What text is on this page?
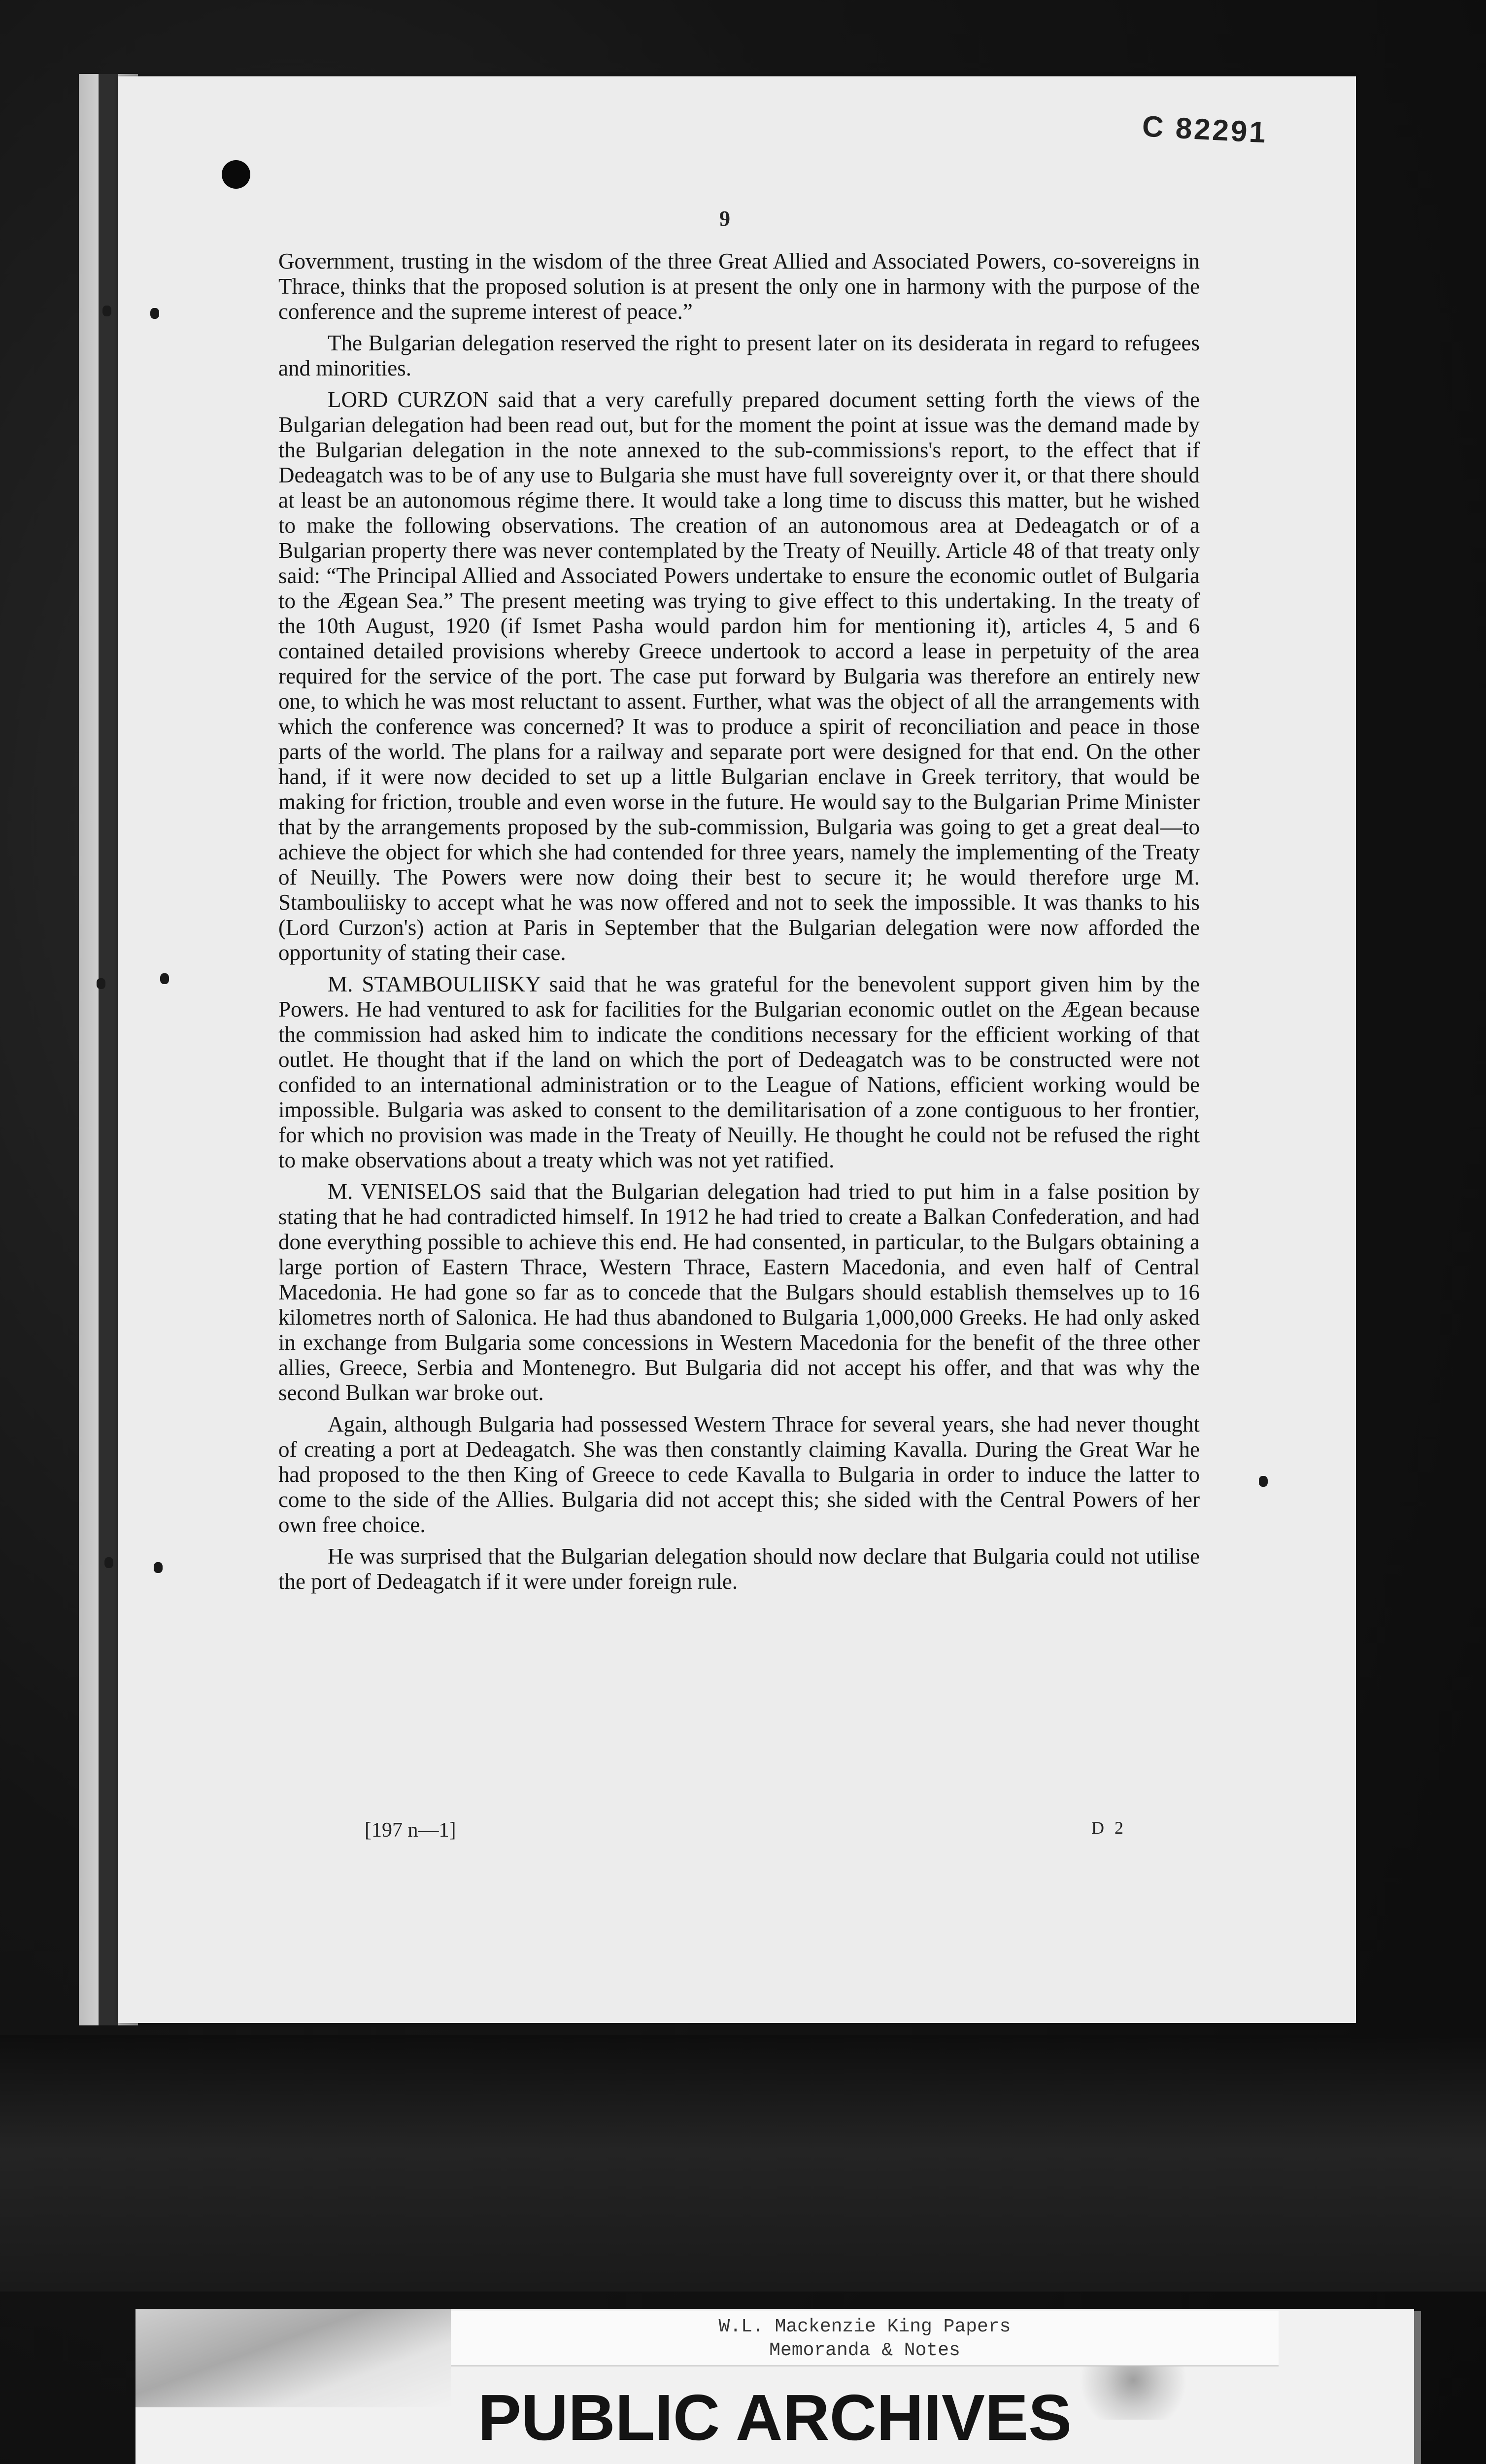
C 82291
9

Government, trusting in the wisdom of the three Great Allied and Associated Powers, co-sovereigns in Thrace, thinks that the proposed solution is at present the only one in harmony with the purpose of the conference and the supreme interest of peace.”

The Bulgarian delegation reserved the right to present later on its desiderata in regard to refugees and minorities.

LORD CURZON said that a very carefully prepared document setting forth the views of the Bulgarian delegation had been read out, but for the moment the point at issue was the demand made by the Bulgarian delegation in the note annexed to the sub-commissions's report, to the effect that if Dedeagatch was to be of any use to Bulgaria she must have full sovereignty over it, or that there should at least be an autonomous régime there. It would take a long time to discuss this matter, but he wished to make the following observations. The creation of an autonomous area at Dedeagatch or of a Bulgarian property there was never contemplated by the Treaty of Neuilly. Article 48 of that treaty only said: “The Principal Allied and Associated Powers undertake to ensure the economic outlet of Bulgaria to the Ægean Sea.” The present meeting was trying to give effect to this undertaking. In the treaty of the 10th August, 1920 (if Ismet Pasha would pardon him for mentioning it), articles 4, 5 and 6 contained detailed provisions whereby Greece undertook to accord a lease in perpetuity of the area required for the service of the port. The case put forward by Bulgaria was therefore an entirely new one, to which he was most reluctant to assent. Further, what was the object of all the arrangements with which the conference was concerned? It was to produce a spirit of reconciliation and peace in those parts of the world. The plans for a railway and separate port were designed for that end. On the other hand, if it were now decided to set up a little Bulgarian enclave in Greek territory, that would be making for friction, trouble and even worse in the future. He would say to the Bulgarian Prime Minister that by the arrangements proposed by the sub-commission, Bulgaria was going to get a great deal—to achieve the object for which she had contended for three years, namely the implementing of the Treaty of Neuilly. The Powers were now doing their best to secure it; he would therefore urge M. Stambouliisky to accept what he was now offered and not to seek the impossible. It was thanks to his (Lord Curzon's) action at Paris in September that the Bulgarian delegation were now afforded the opportunity of stating their case.

M. STAMBOULIISKY said that he was grateful for the benevolent support given him by the Powers. He had ventured to ask for facilities for the Bulgarian economic outlet on the Ægean because the commission had asked him to indicate the conditions necessary for the efficient working of that outlet. He thought that if the land on which the port of Dedeagatch was to be constructed were not confided to an international administration or to the League of Nations, efficient working would be impossible. Bulgaria was asked to consent to the demilitarisation of a zone contiguous to her frontier, for which no provision was made in the Treaty of Neuilly. He thought he could not be refused the right to make observations about a treaty which was not yet ratified.

M. VENISELOS said that the Bulgarian delegation had tried to put him in a false position by stating that he had contradicted himself. In 1912 he had tried to create a Balkan Confederation, and had done everything possible to achieve this end. He had consented, in particular, to the Bulgars obtaining a large portion of Eastern Thrace, Western Thrace, Eastern Macedonia, and even half of Central Macedonia. He had gone so far as to concede that the Bulgars should establish themselves up to 16 kilometres north of Salonica. He had thus abandoned to Bulgaria 1,000,000 Greeks. He had only asked in exchange from Bulgaria some concessions in Western Macedonia for the benefit of the three other allies, Greece, Serbia and Montenegro. But Bulgaria did not accept his offer, and that was why the second Bulkan war broke out.

Again, although Bulgaria had possessed Western Thrace for several years, she had never thought of creating a port at Dedeagatch. She was then constantly claiming Kavalla. During the Great War he had proposed to the then King of Greece to cede Kavalla to Bulgaria in order to induce the latter to come to the side of the Allies. Bulgaria did not accept this; she sided with the Central Powers of her own free choice.

He was surprised that the Bulgarian delegation should now declare that Bulgaria could not utilise the port of Dedeagatch if it were under foreign rule.

[197 n—1]	D 2
W.L. Mackenzie King Papers
Memoranda & Notes
PUBLIC ARCHIVES
